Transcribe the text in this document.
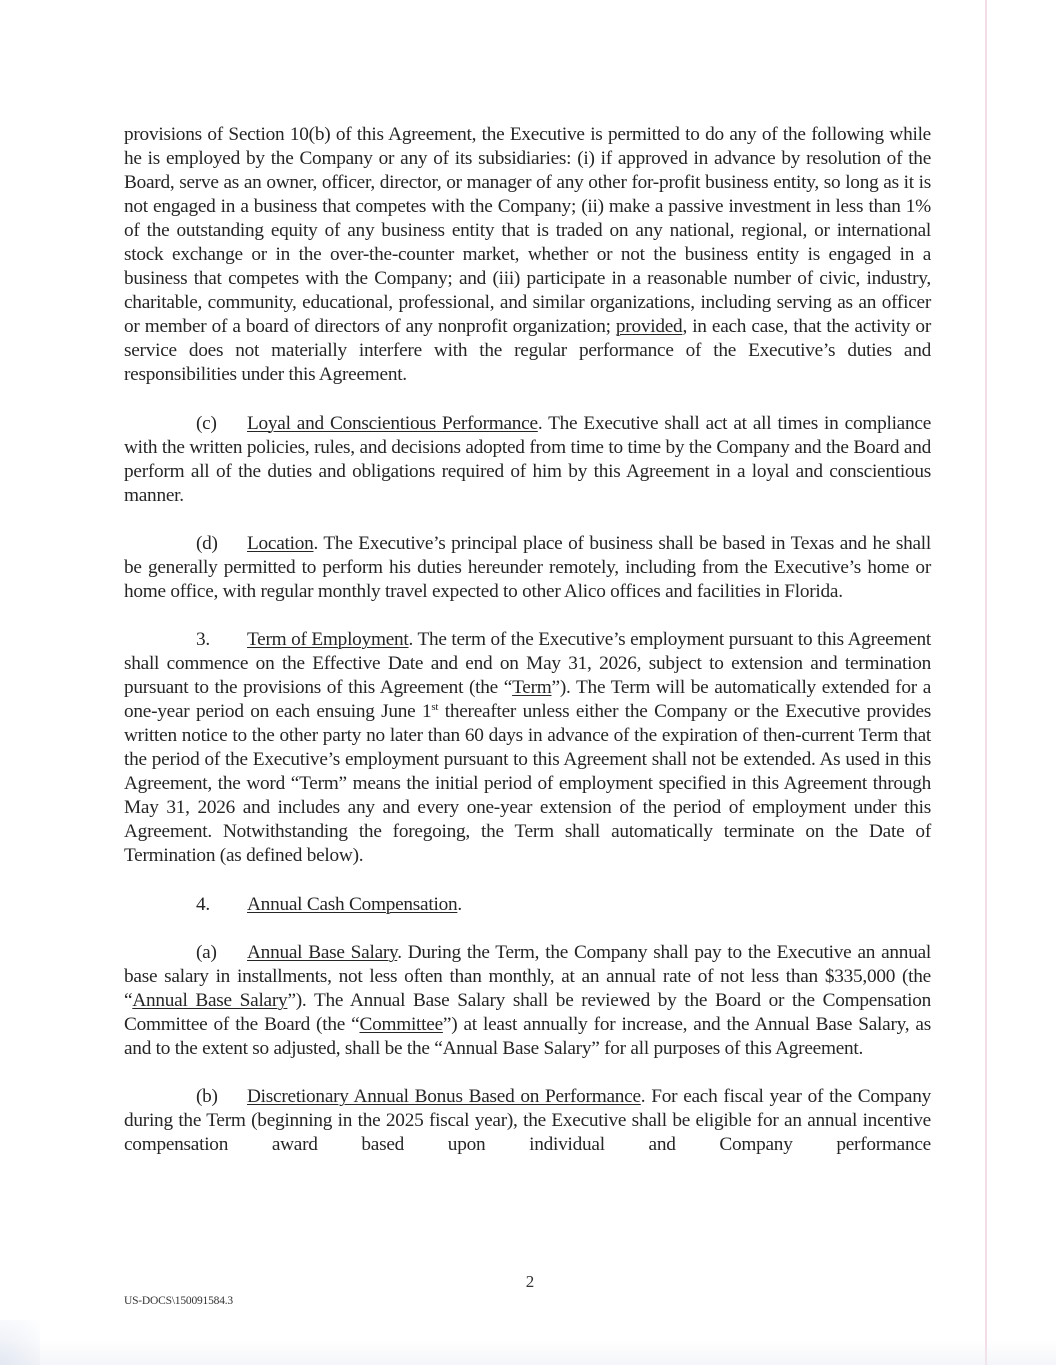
provisions of Section 10(b) of this Agreement, the Executive is permitted to do any of the following while he is employed by the Company or any of its subsidiaries: (i) if approved in advance by resolution of the Board, serve as an owner, officer, director, or manager of any other for-profit business entity, so long as it is not engaged in a business that competes with the Company; (ii) make a passive investment in less than 1% of the outstanding equity of any business entity that is traded on any national, regional, or international stock exchange or in the over-the-counter market, whether or not the business entity is engaged in a business that competes with the Company; and (iii) participate in a reasonable number of civic, industry, charitable, community, educational, professional, and similar organizations, including serving as an officer or member of a board of directors of any nonprofit organization; provided, in each case, that the activity or service does not materially interfere with the regular performance of the Executive’s duties and responsibilities under this Agreement.

(c) Loyal and Conscientious Performance. The Executive shall act at all times in compliance with the written policies, rules, and decisions adopted from time to time by the Company and the Board and perform all of the duties and obligations required of him by this Agreement in a loyal and conscientious manner.

(d) Location. The Executive’s principal place of business shall be based in Texas and he shall be generally permitted to perform his duties hereunder remotely, including from the Executive’s home or home office, with regular monthly travel expected to other Alico offices and facilities in Florida.

3. Term of Employment. The term of the Executive’s employment pursuant to this Agreement shall commence on the Effective Date and end on May 31, 2026, subject to extension and termination pursuant to the provisions of this Agreement (the “Term”). The Term will be automatically extended for a one-year period on each ensuing June 1st thereafter unless either the Company or the Executive provides written notice to the other party no later than 60 days in advance of the expiration of then-current Term that the period of the Executive’s employment pursuant to this Agreement shall not be extended. As used in this Agreement, the word “Term” means the initial period of employment specified in this Agreement through May 31, 2026 and includes any and every one-year extension of the period of employment under this Agreement. Notwithstanding the foregoing, the Term shall automatically terminate on the Date of Termination (as defined below).

4. Annual Cash Compensation.

(a) Annual Base Salary. During the Term, the Company shall pay to the Executive an annual base salary in installments, not less often than monthly, at an annual rate of not less than $335,000 (the “Annual Base Salary”). The Annual Base Salary shall be reviewed by the Board or the Compensation Committee of the Board (the “Committee”) at least annually for increase, and the Annual Base Salary, as and to the extent so adjusted, shall be the “Annual Base Salary” for all purposes of this Agreement.

(b) Discretionary Annual Bonus Based on Performance. For each fiscal year of the Company during the Term (beginning in the 2025 fiscal year), the Executive shall be eligible for an annual incentive compensation award based upon individual and Company performance

2
US-DOCS\150091584.3
